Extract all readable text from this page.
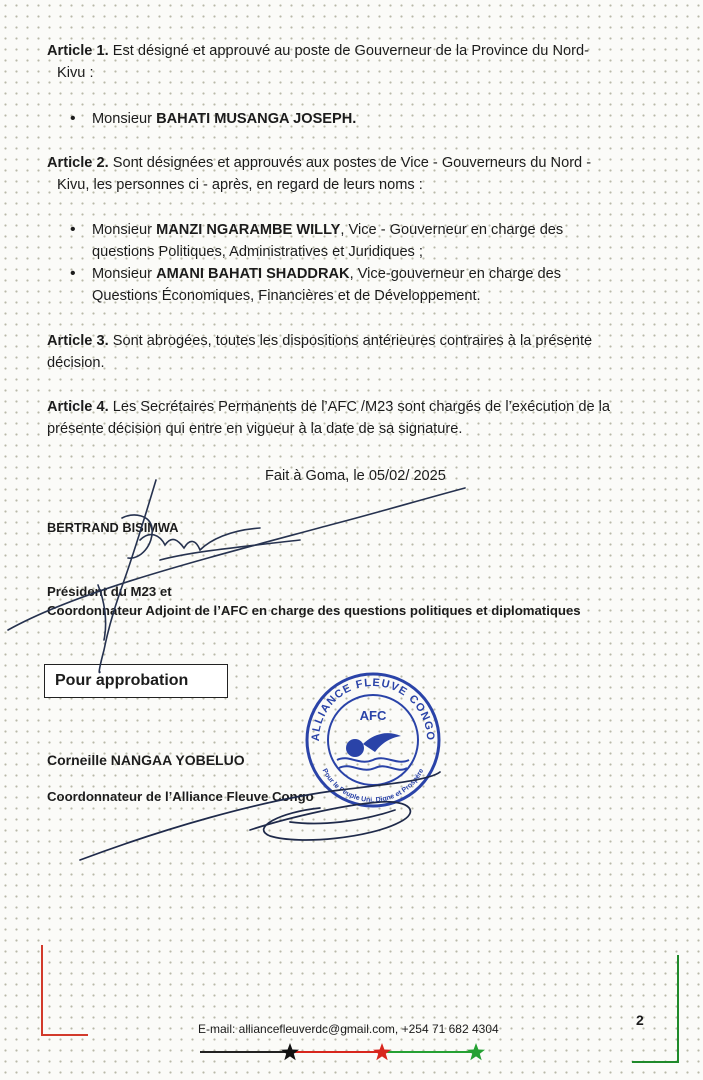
Article 1. Est désigné et approuvé au poste de Gouverneur de la Province du Nord-
Kivu :
• Monsieur BAHATI MUSANGA JOSEPH.
Article 2. Sont désignées et approuvés aux postes de Vice - Gouverneurs du Nord -
Kivu, les personnes ci - après, en regard de leurs noms :
• Monsieur MANZI NGARAMBE WILLY, Vice - Gouverneur en charge des
questions Politiques, Administratives et Juridiques ;
• Monsieur AMANI BAHATI SHADDRAK, Vice-gouverneur en charge des
Questions Économiques, Financières et de Développement.
Article 3. Sont abrogées, toutes les dispositions antérieures contraires à la présente
décision.
Article 4. Les Secrétaires Permanents de l’AFC /M23 sont chargés de l’exécution de la
présente décision qui entre en vigueur à la date de sa signature.
Fait à Goma, le 05/02/ 2025
BERTRAND BISIMWA
Président du M23 et
Coordonnateur Adjoint de l’AFC en charge des questions politiques et diplomatiques
Pour approbation
Corneille NANGAA YOBELUO
Coordonnateur de l’Alliance Fleuve Congo
E-mail: alliancefleuverdc@gmail.com, +254 71 682 4304
2
ALLIANCE FLEUVE CONGO
Pour le Peuple Uni, Digne et Prospère
AFC
